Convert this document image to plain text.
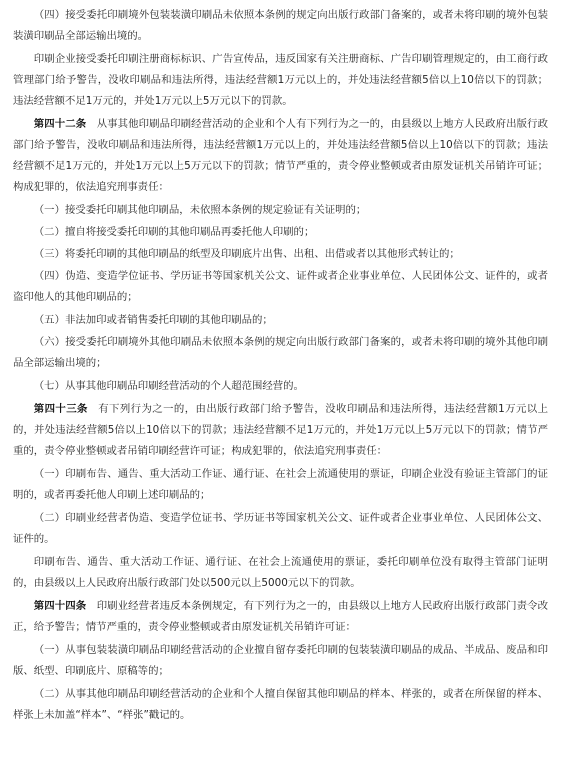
（四）接受委托印刷境外包装装潢印刷品未依照本条例的规定向出版行政部门备案的，或者未将印刷的境外包装装潢印刷品全部运输出境的。

印刷企业接受委托印刷注册商标标识、广告宣传品，违反国家有关注册商标、广告印刷管理规定的，由工商行政管理部门给予警告，没收印刷品和违法所得，违法经营额1万元以上的，并处违法经营额5倍以上10倍以下的罚款；违法经营额不足1万元的，并处1万元以上5万元以下的罚款。

第四十二条 从事其他印刷品印刷经营活动的企业和个人有下列行为之一的，由县级以上地方人民政府出版行政部门给予警告，没收印刷品和违法所得，违法经营额1万元以上的，并处违法经营额5倍以上10倍以下的罚款；违法经营额不足1万元的，并处1万元以上5万元以下的罚款；情节严重的，责令停业整顿或者由原发证机关吊销许可证；构成犯罪的，依法追究刑事责任：

（一）接受委托印刷其他印刷品，未依照本条例的规定验证有关证明的；

（二）擅自将接受委托印刷的其他印刷品再委托他人印刷的；

（三）将委托印刷的其他印刷品的纸型及印刷底片出售、出租、出借或者以其他形式转让的；

（四）伪造、变造学位证书、学历证书等国家机关公文、证件或者企业事业单位、人民团体公文、证件的，或者盗印他人的其他印刷品的；

（五）非法加印或者销售委托印刷的其他印刷品的；

（六）接受委托印刷境外其他印刷品未依照本条例的规定向出版行政部门备案的，或者未将印刷的境外其他印刷品全部运输出境的；

（七）从事其他印刷品印刷经营活动的个人超范围经营的。

第四十三条 有下列行为之一的，由出版行政部门给予警告，没收印刷品和违法所得，违法经营额1万元以上的，并处违法经营额5倍以上10倍以下的罚款；违法经营额不足1万元的，并处1万元以上5万元以下的罚款；情节严重的，责令停业整顿或者吊销印刷经营许可证；构成犯罪的，依法追究刑事责任：

（一）印刷布告、通告、重大活动工作证、通行证、在社会上流通使用的票证，印刷企业没有验证主管部门的证明的，或者再委托他人印刷上述印刷品的；

（二）印刷业经营者伪造、变造学位证书、学历证书等国家机关公文、证件或者企业事业单位、人民团体公文、证件的。

印刷布告、通告、重大活动工作证、通行证、在社会上流通使用的票证，委托印刷单位没有取得主管部门证明的，由县级以上人民政府出版行政部门处以500元以上5000元以下的罚款。

第四十四条 印刷业经营者违反本条例规定，有下列行为之一的，由县级以上地方人民政府出版行政部门责令改正，给予警告；情节严重的，责令停业整顿或者由原发证机关吊销许可证：

（一）从事包装装潢印刷品印刷经营活动的企业擅自留存委托印刷的包装装潢印刷品的成品、半成品、废品和印版、纸型、印刷底片、原稿等的；

（二）从事其他印刷品印刷经营活动的企业和个人擅自保留其他印刷品的样本、样张的，或者在所保留的样本、样张上未加盖“样本”、“样张”戳记的。
